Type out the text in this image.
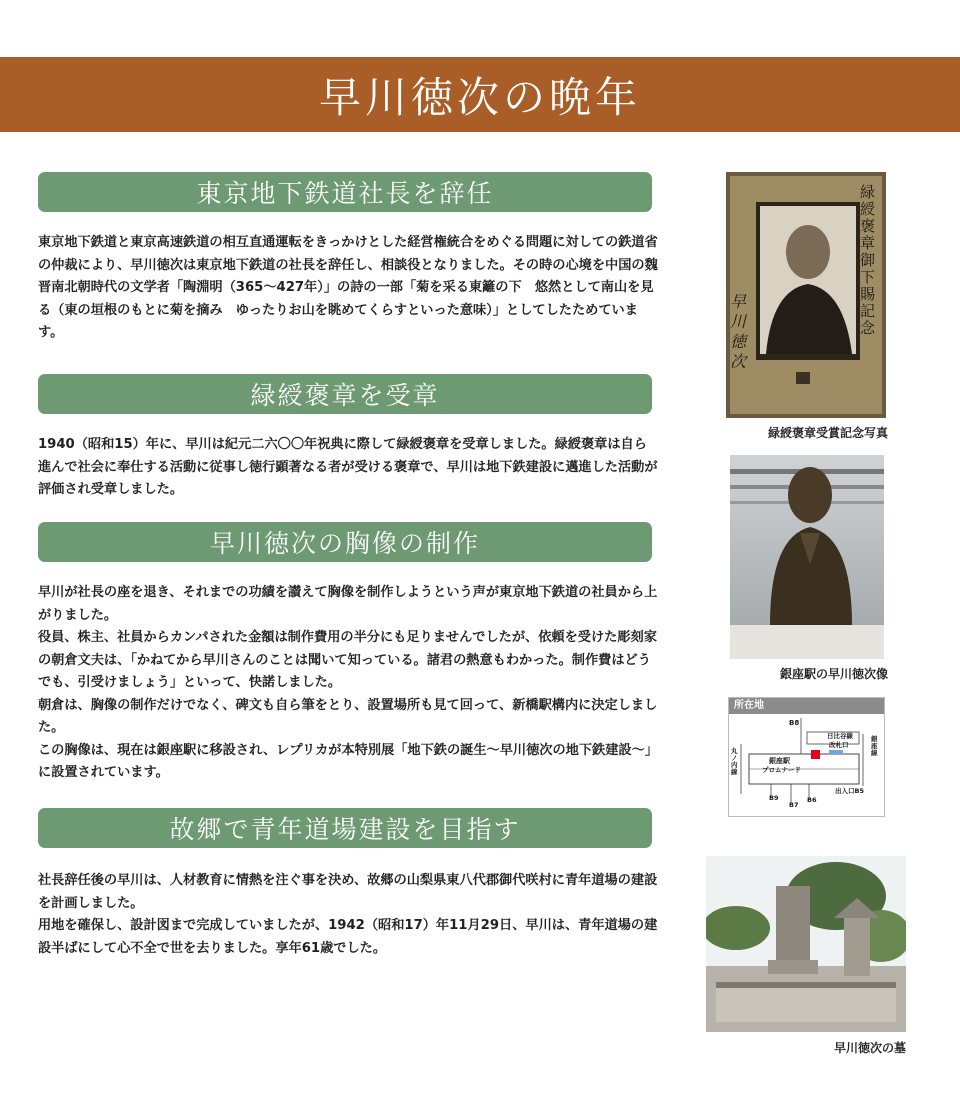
早川徳次の晩年
東京地下鉄道社長を辞任

東京地下鉄道と東京高速鉄道の相互直通運転をきっかけとした経営権統合をめぐる問題に対しての鉄道省の仲裁により、早川徳次は東京地下鉄道の社長を辞任し、相談役となりました。その時の心境を中国の魏晋南北朝時代の文学者「陶淵明（365～427年）」の詩の一部「菊を采る東籬の下　悠然として南山を見る（東の垣根のもとに菊を摘み　ゆったりお山を眺めてくらすといった意味）」としてしたためています。

緑綬褒章を受章

1940（昭和15）年に、早川は紀元二六〇〇年祝典に際して緑綬褒章を受章しました。緑綬褒章は自ら進んで社会に奉仕する活動に従事し徳行顕著なる者が受ける褒章で、早川は地下鉄建設に邁進した活動が評価され受章しました。

早川徳次の胸像の制作

早川が社長の座を退き、それまでの功績を讃えて胸像を制作しようという声が東京地下鉄道の社員から上がりました。

役員、株主、社員からカンパされた金額は制作費用の半分にも足りませんでしたが、依頼を受けた彫刻家の朝倉文夫は、「かねてから早川さんのことは聞いて知っている。諸君の熱意もわかった。制作費はどうでも、引受けましょう」といって、快諾しました。

朝倉は、胸像の制作だけでなく、碑文も自ら筆をとり、設置場所も見て回って、新橋駅構内に決定しました。

この胸像は、現在は銀座駅に移設され、レプリカが本特別展「地下鉄の誕生～早川徳次の地下鉄建設～」に設置されています。

故郷で青年道場建設を目指す

社長辞任後の早川は、人材教育に情熱を注ぐ事を決め、故郷の山梨県東八代郡御代咲村に青年道場の建設を計画しました。

用地を確保し、設計図まで完成していましたが、1942（昭和17）年11月29日、早川は、青年道場の建設半ばにして心不全で世を去りました。享年61歳でした。

緑綬褒章御下賜記念
早川徳次
緑綬褒章受賞記念写真
銀座駅の早川徳次像
所在地
B8
日比谷線
改札口
銀座駅
プロムナード
丸ノ内線
銀座線
出入口B5
B9
B7
B6
早川徳次の墓
